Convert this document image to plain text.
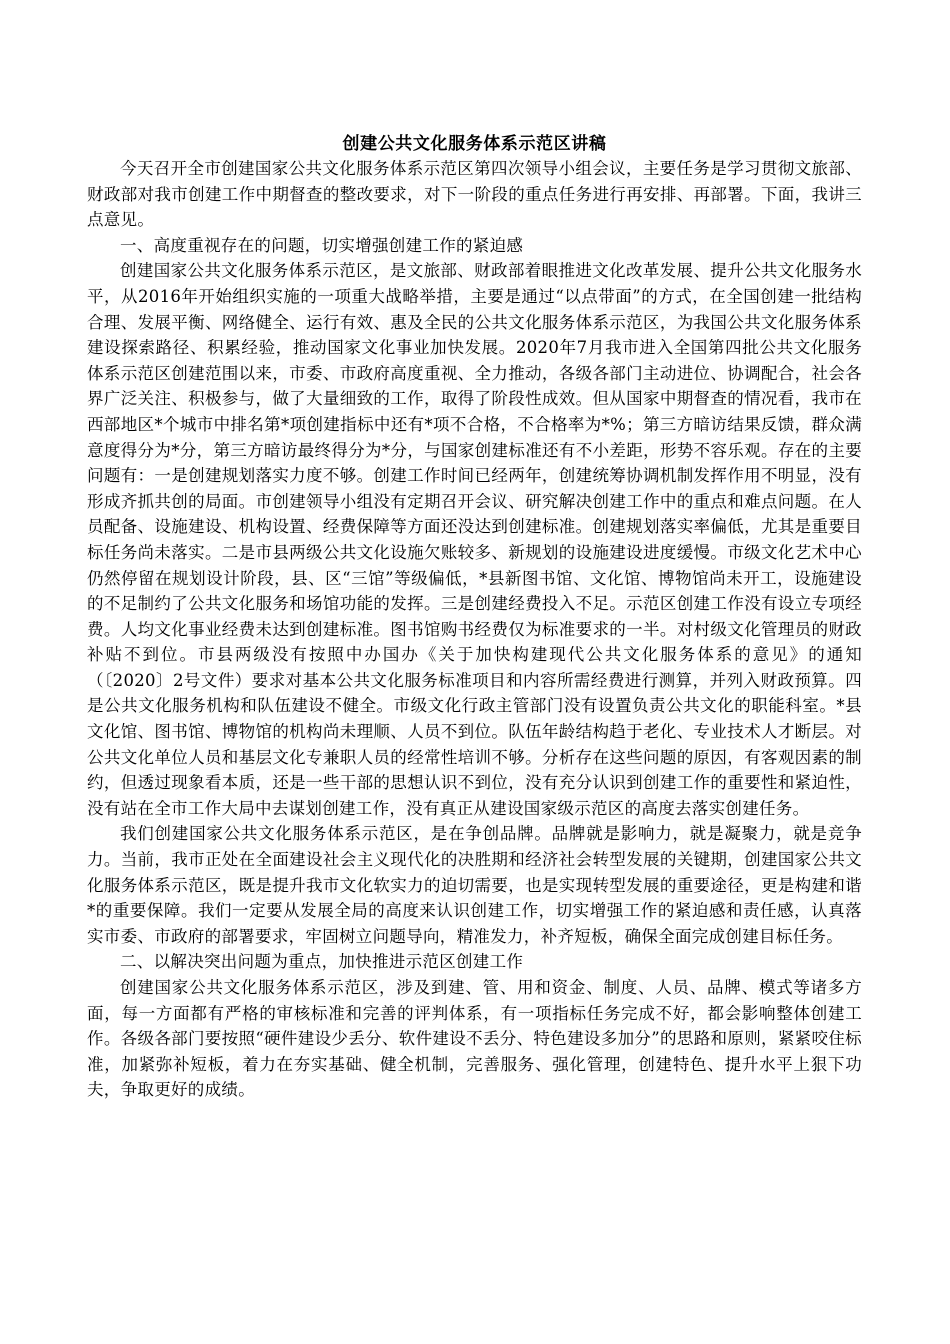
创建公共文化服务体系示范区讲稿

今天召开全市创建国家公共文化服务体系示范区第四次领导小组会议，主要任务是学习贯彻文旅部、财政部对我市创建工作中期督查的整改要求，对下一阶段的重点任务进行再安排、再部署。下面，我讲三点意见。

一、高度重视存在的问题，切实增强创建工作的紧迫感

创建国家公共文化服务体系示范区，是文旅部、财政部着眼推进文化改革发展、提升公共文化服务水平，从2016年开始组织实施的一项重大战略举措，主要是通过“以点带面”的方式，在全国创建一批结构合理、发展平衡、网络健全、运行有效、惠及全民的公共文化服务体系示范区，为我国公共文化服务体系建设探索路径、积累经验，推动国家文化事业加快发展。2020年7月我市进入全国第四批公共文化服务体系示范区创建范围以来，市委、市政府高度重视、全力推动，各级各部门主动进位、协调配合，社会各界广泛关注、积极参与，做了大量细致的工作，取得了阶段性成效。但从国家中期督查的情况看，我市在西部地区*个城市中排名第*项创建指标中还有*项不合格，不合格率为*%；第三方暗访结果反馈，群众满意度得分为*分，第三方暗访最终得分为*分，与国家创建标准还有不小差距，形势不容乐观。存在的主要问题有：一是创建规划落实力度不够。创建工作时间已经两年，创建统筹协调机制发挥作用不明显，没有形成齐抓共创的局面。市创建领导小组没有定期召开会议、研究解决创建工作中的重点和难点问题。在人员配备、设施建设、机构设置、经费保障等方面还没达到创建标准。创建规划落实率偏低，尤其是重要目标任务尚未落实。二是市县两级公共文化设施欠账较多、新规划的设施建设进度缓慢。市级文化艺术中心仍然停留在规划设计阶段，县、区“三馆”等级偏低，*县新图书馆、文化馆、博物馆尚未开工，设施建设的不足制约了公共文化服务和场馆功能的发挥。三是创建经费投入不足。示范区创建工作没有设立专项经费。人均文化事业经费未达到创建标准。图书馆购书经费仅为标准要求的一半。对村级文化管理员的财政补贴不到位。市县两级没有按照中办国办《关于加快构建现代公共文化服务体系的意见》的通知（〔2020〕2号文件）要求对基本公共文化服务标准项目和内容所需经费进行测算，并列入财政预算。四是公共文化服务机构和队伍建设不健全。市级文化行政主管部门没有设置负责公共文化的职能科室。*县文化馆、图书馆、博物馆的机构尚未理顺、人员不到位。队伍年龄结构趋于老化、专业技术人才断层。对公共文化单位人员和基层文化专兼职人员的经常性培训不够。分析存在这些问题的原因，有客观因素的制约，但透过现象看本质，还是一些干部的思想认识不到位，没有充分认识到创建工作的重要性和紧迫性，没有站在全市工作大局中去谋划创建工作，没有真正从建设国家级示范区的高度去落实创建任务。

我们创建国家公共文化服务体系示范区，是在争创品牌。品牌就是影响力，就是凝聚力，就是竞争力。当前，我市正处在全面建设社会主义现代化的决胜期和经济社会转型发展的关键期，创建国家公共文化服务体系示范区，既是提升我市文化软实力的迫切需要，也是实现转型发展的重要途径，更是构建和谐*的重要保障。我们一定要从发展全局的高度来认识创建工作，切实增强工作的紧迫感和责任感，认真落实市委、市政府的部署要求，牢固树立问题导向，精准发力，补齐短板，确保全面完成创建目标任务。

二、以解决突出问题为重点，加快推进示范区创建工作

创建国家公共文化服务体系示范区，涉及到建、管、用和资金、制度、人员、品牌、模式等诸多方面，每一方面都有严格的审核标准和完善的评判体系，有一项指标任务完成不好，都会影响整体创建工作。各级各部门要按照“硬件建设少丢分、软件建设不丢分、特色建设多加分”的思路和原则，紧紧咬住标准，加紧弥补短板，着力在夯实基础、健全机制，完善服务、强化管理，创建特色、提升水平上狠下功夫，争取更好的成绩。
